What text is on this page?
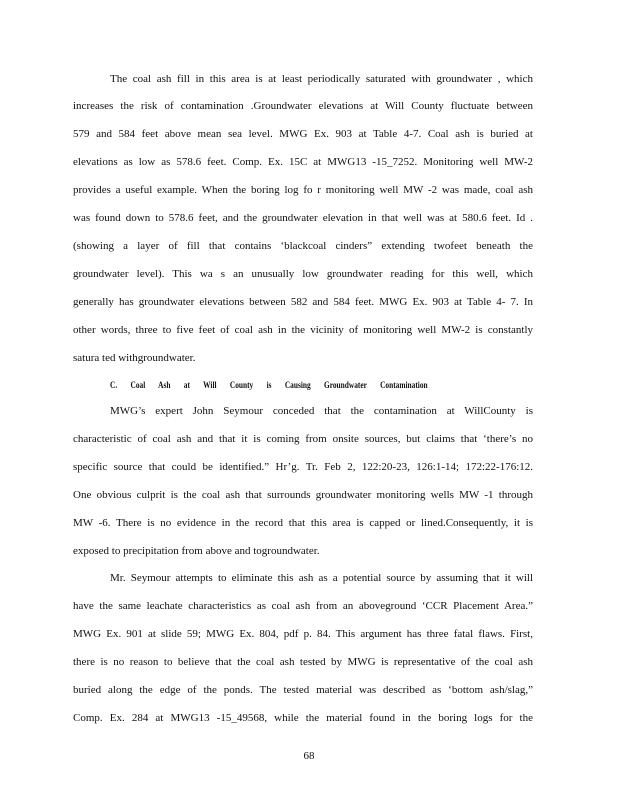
The coal ash fill in this area is at least periodically saturated with groundwater , which
increases the risk of contamination .Groundwater elevations at Will County fluctuate between
579 and 584 feet above mean sea level. MWG Ex. 903 at Table 4-7. Coal ash is buried at
elevations as low as 578.6 feet. Comp. Ex. 15C at MWG13 -15_7252. Monitoring well MW-2
provides a useful example. When the boring log fo r monitoring well MW -2 was made, coal ash
was found down to 578.6 feet, and the groundwater elevation in that well was at 580.6 feet. Id .
(showing a layer of fill that contains ‘blackcoal cinders” extending twofeet beneath the
groundwater level). This wa s an unusually low groundwater reading for this well, which
generally has groundwater elevations between 582 and 584 feet. MWG Ex. 903 at Table 4- 7. In
other words, three to five feet of coal ash in the vicinity of monitoring well MW-2 is constantly
satura ted withgroundwater.
C. Coal Ash at Will County is Causing Groundwater Contamination
MWG’s expert John Seymour conceded that the contamination at WillCounty is
characteristic of coal ash and that it is coming from onsite sources, but claims that ‘there’s no
specific source that could be identified.” Hr’g. Tr. Feb 2, 122:20-23, 126:1-14; 172:22-176:12.
One obvious culprit is the coal ash that surrounds groundwater monitoring wells MW -1 through
MW -6. There is no evidence in the record that this area is capped or lined.Consequently, it is
exposed to precipitation from above and togroundwater.
Mr. Seymour attempts to eliminate this ash as a potential source by assuming that it will
have the same leachate characteristics as coal ash from an aboveground ‘CCR Placement Area.”
MWG Ex. 901 at slide 59; MWG Ex. 804, pdf p. 84. This argument has three fatal flaws. First,
there is no reason to believe that the coal ash tested by MWG is representative of the coal ash
buried along the edge of the ponds. The tested material was described as ‘bottom ash/slag,”
Comp. Ex. 284 at MWG13 -15_49568, while the material found in the boring logs for the
68
